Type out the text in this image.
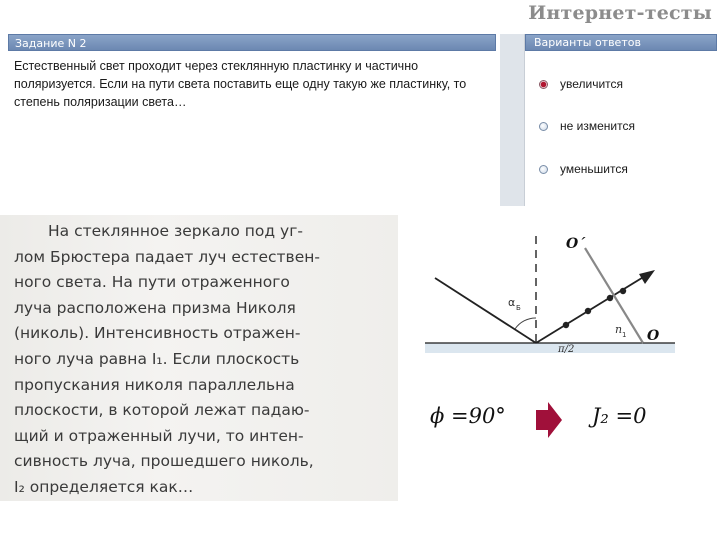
Интернет-тесты
Задание N 2
Естественный свет проходит через стеклянную пластинку и частично поляризуется. Если на пути света поставить еще одну такую же пластинку, то степень поляризации света…
Варианты ответов
увеличится
не изменится
уменьшится
На стеклянное зеркало под уг-
лом Брюстера падает луч естествен-
ного света. На пути отраженного
луча расположена призма Николя
(николь). Интенсивность отражен-
ного луча равна I₁. Если плоскость
пропускания николя параллельна
плоскости, в которой лежат падаю-
щий и отраженный лучи, то интен-
сивность луча, прошедшего николь,
I₂ определяется как…
O´
O
α Б
n 1
π/2
ϕ =90°	J₂ =0
